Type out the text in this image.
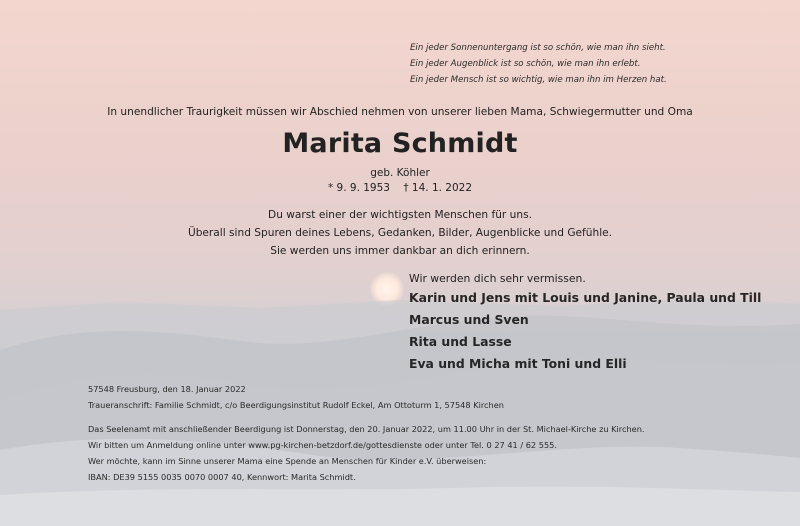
Ein jeder Sonnenuntergang ist so schön, wie man ihn sieht.
Ein jeder Augenblick ist so schön, wie man ihn erlebt.
Ein jeder Mensch ist so wichtig, wie man ihn im Herzen hat.
In unendlicher Traurigkeit müssen wir Abschied nehmen von unserer lieben Mama, Schwiegermutter und Oma
Marita Schmidt
geb. Köhler
* 9. 9. 1953 † 14. 1. 2022
Du warst einer der wichtigsten Menschen für uns.
Überall sind Spuren deines Lebens, Gedanken, Bilder, Augenblicke und Gefühle.
Sie werden uns immer dankbar an dich erinnern.
Wir werden dich sehr vermissen.
Karin und Jens mit Louis und Janine, Paula und Till
Marcus und Sven
Rita und Lasse
Eva und Micha mit Toni und Elli
57548 Freusburg, den 18. Januar 2022
Traueranschrift: Familie Schmidt, c/o Beerdigungsinstitut Rudolf Eckel, Am Ottoturm 1, 57548 Kirchen
Das Seelenamt mit anschließender Beerdigung ist Donnerstag, den 20. Januar 2022, um 11.00 Uhr in der St. Michael-Kirche zu Kirchen.
Wir bitten um Anmeldung online unter www.pg-kirchen-betzdorf.de/gottesdienste oder unter Tel. 0 27 41 / 62 555.
Wer möchte, kann im Sinne unserer Mama eine Spende an Menschen für Kinder e.V. überweisen:
IBAN: DE39 5155 0035 0070 0007 40, Kennwort: Marita Schmidt.
